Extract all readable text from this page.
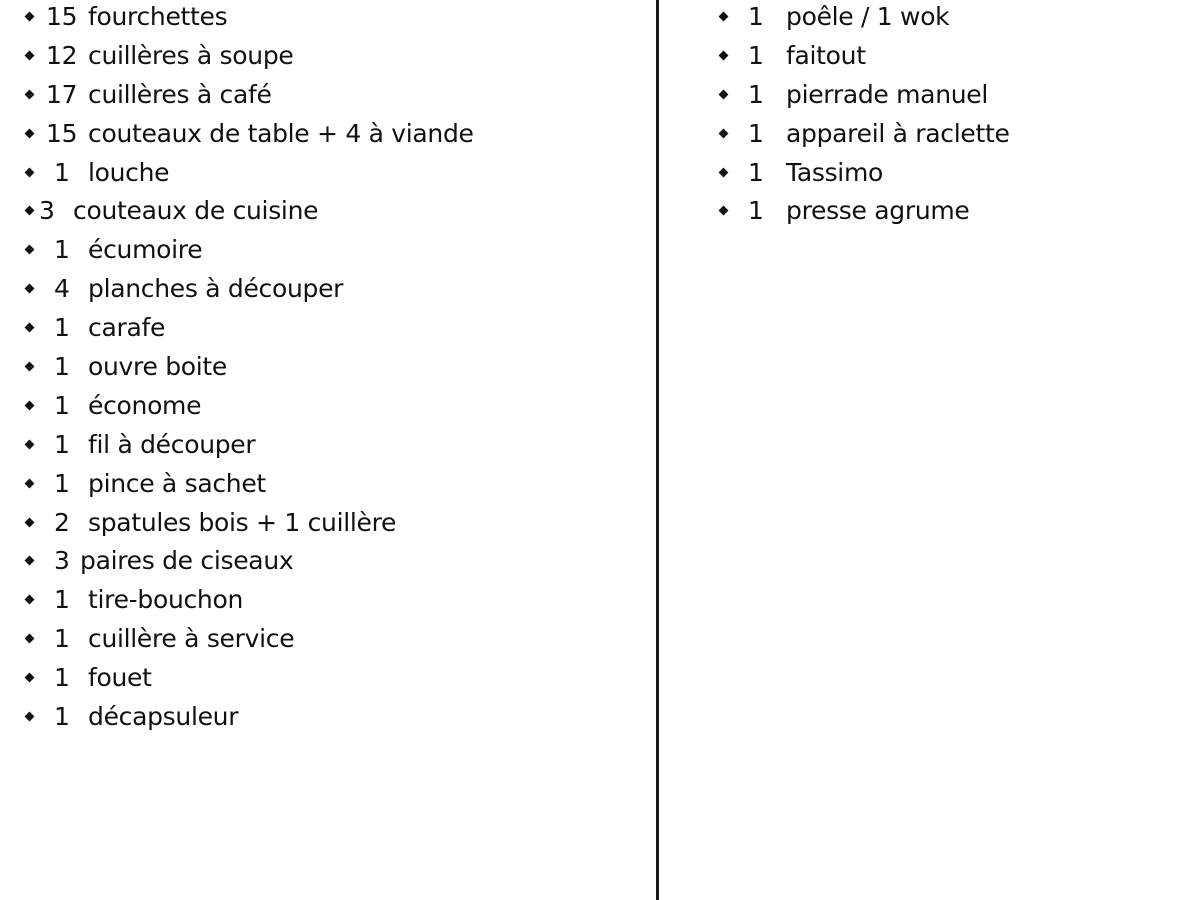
15 fourchettes
12 cuillères à soupe
17 cuillères à café
15 couteaux de table + 4 à viande
1 louche
3 couteaux de cuisine
1 écumoire
4 planches à découper
1 carafe
1 ouvre boite
1 économe
1 fil à découper
1 pince à sachet
2 spatules bois + 1 cuillère
3 paires de ciseaux
1 tire-bouchon
1 cuillère à service
1 fouet
1 décapsuleur
1 poêle / 1 wok
1 faitout
1 pierrade manuel
1 appareil à raclette
1 Tassimo
1 presse agrume
